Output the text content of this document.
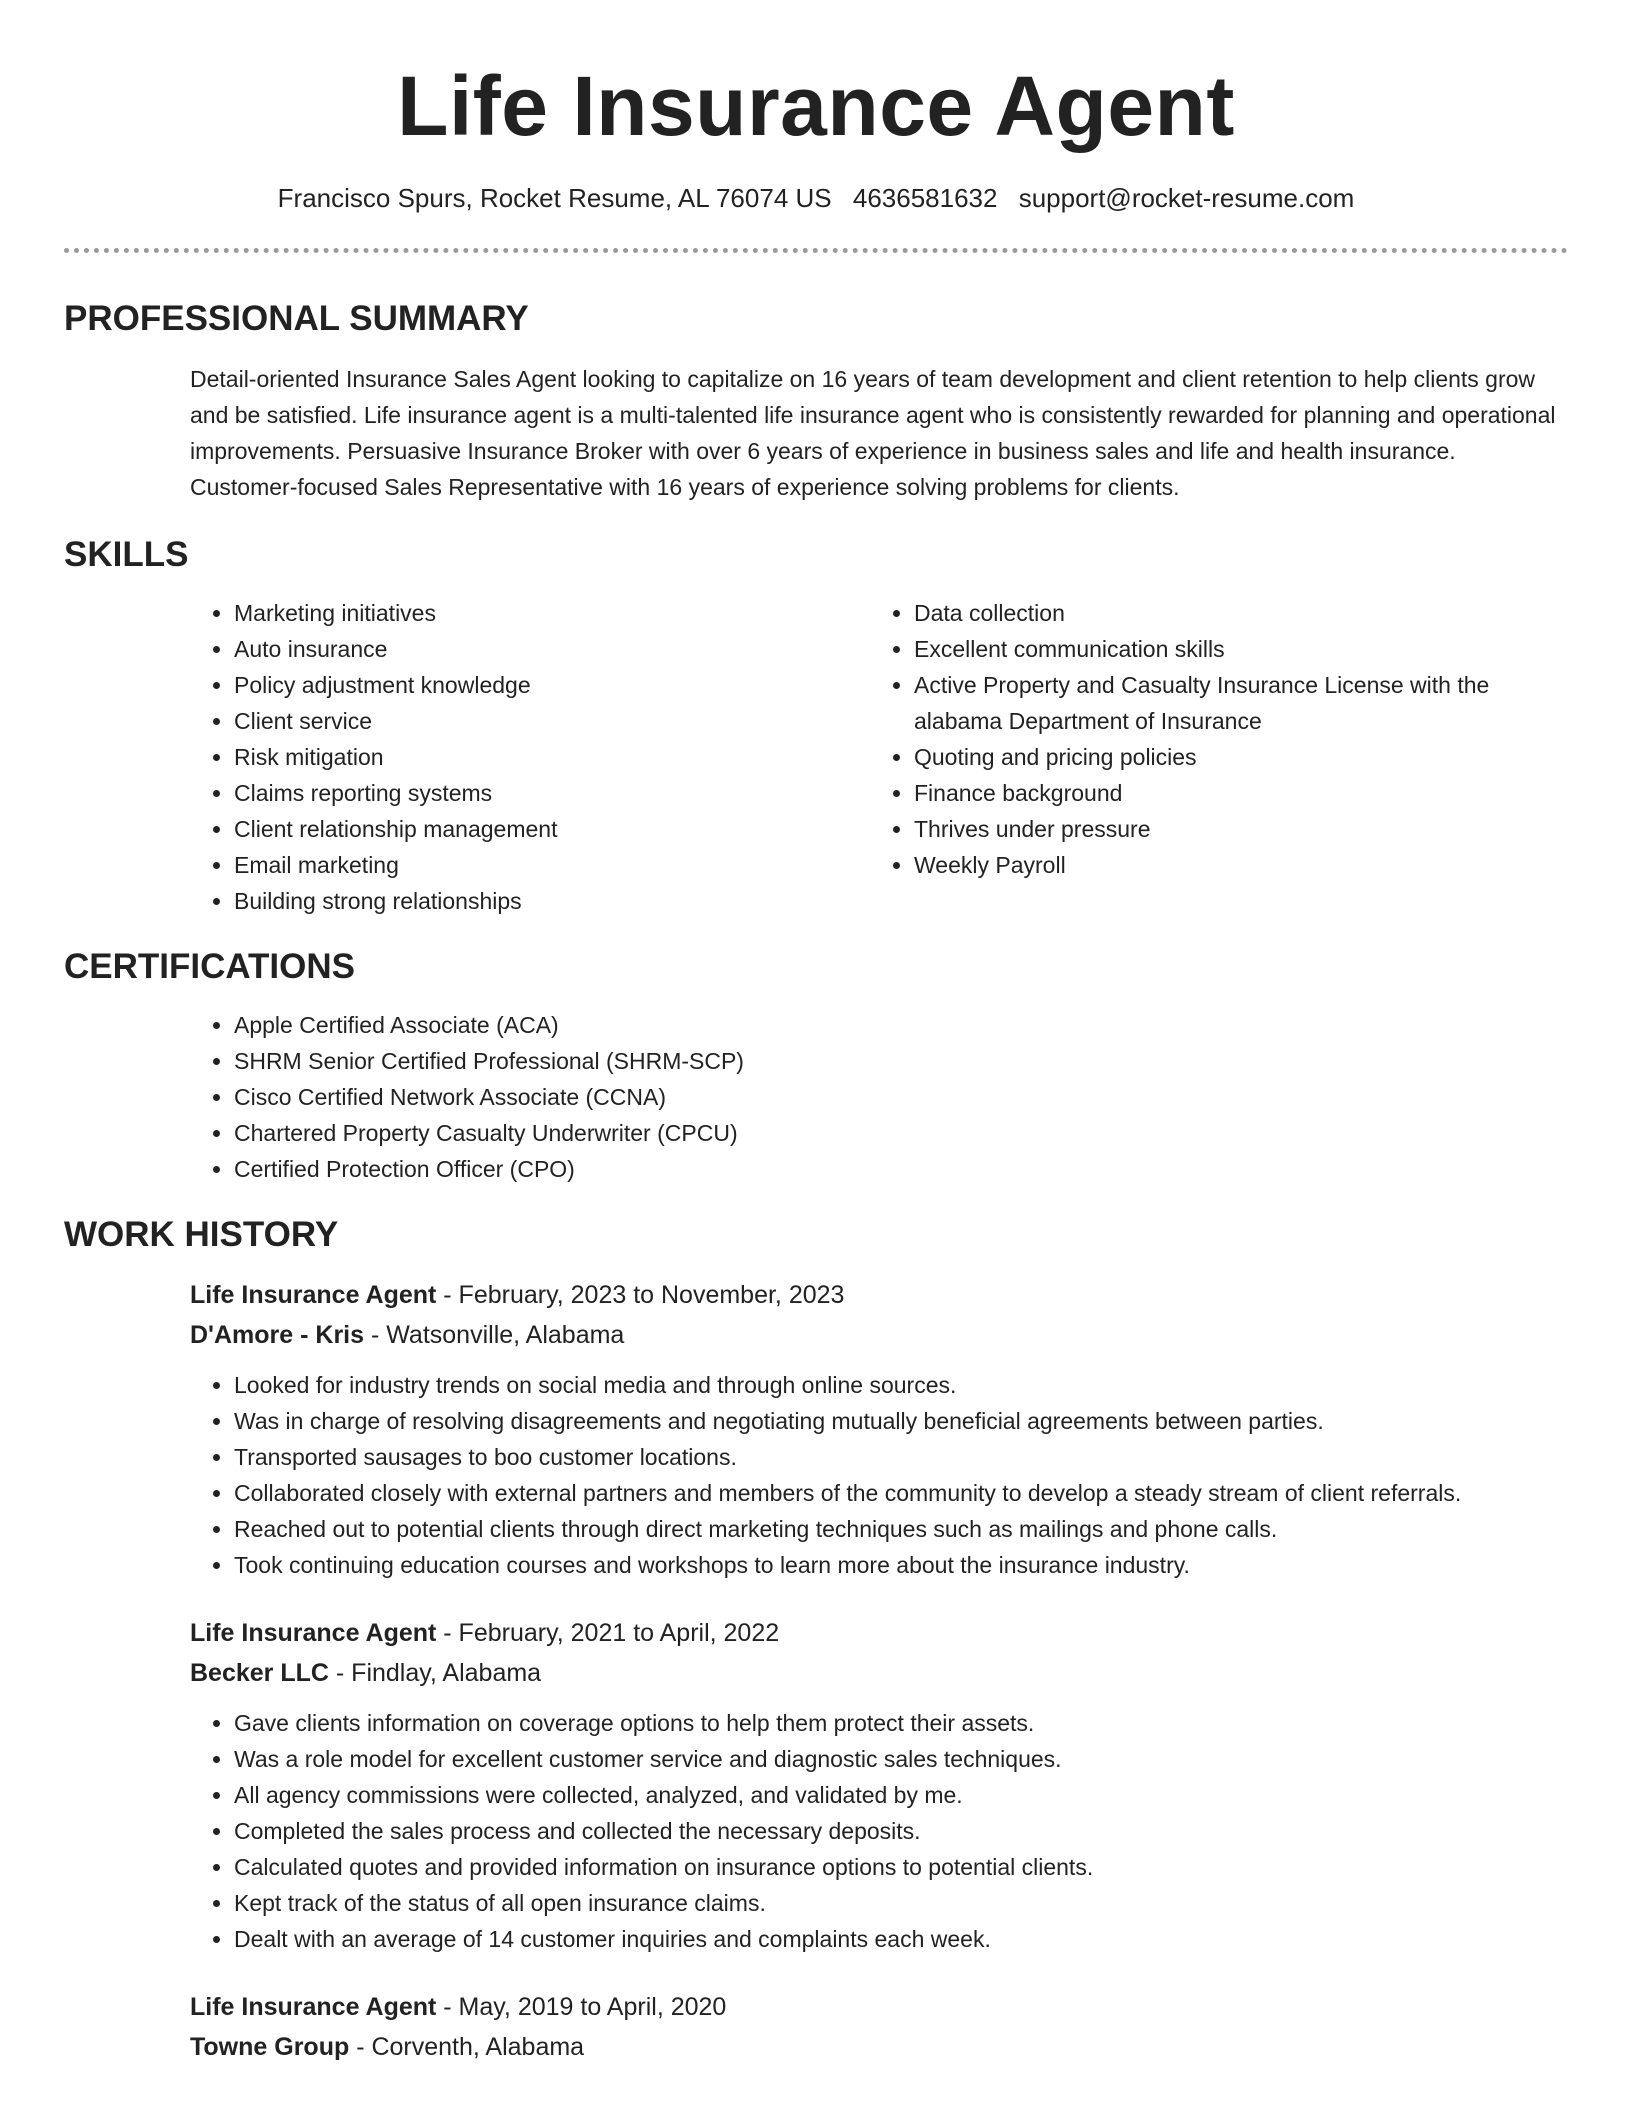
Life Insurance Agent
Francisco Spurs, Rocket Resume, AL 76074 US 4636581632 support@rocket-resume.com
PROFESSIONAL SUMMARY
Detail-oriented Insurance Sales Agent looking to capitalize on 16 years of team development and client retention to help clients grow and be satisfied. Life insurance agent is a multi-talented life insurance agent who is consistently rewarded for planning and operational improvements. Persuasive Insurance Broker with over 6 years of experience in business sales and life and health insurance. Customer-focused Sales Representative with 16 years of experience solving problems for clients.
SKILLS
• Marketing initiatives
• Auto insurance
• Policy adjustment knowledge
• Client service
• Risk mitigation
• Claims reporting systems
• Client relationship management
• Email marketing
• Building strong relationships
• Data collection
• Excellent communication skills
• Active Property and Casualty Insurance License with the alabama Department of Insurance
• Quoting and pricing policies
• Finance background
• Thrives under pressure
• Weekly Payroll
CERTIFICATIONS
• Apple Certified Associate (ACA)
• SHRM Senior Certified Professional (SHRM-SCP)
• Cisco Certified Network Associate (CCNA)
• Chartered Property Casualty Underwriter (CPCU)
• Certified Protection Officer (CPO)
WORK HISTORY
Life Insurance Agent - February, 2023 to November, 2023
D'Amore - Kris - Watsonville, Alabama
• Looked for industry trends on social media and through online sources.
• Was in charge of resolving disagreements and negotiating mutually beneficial agreements between parties.
• Transported sausages to boo customer locations.
• Collaborated closely with external partners and members of the community to develop a steady stream of client referrals.
• Reached out to potential clients through direct marketing techniques such as mailings and phone calls.
• Took continuing education courses and workshops to learn more about the insurance industry.
Life Insurance Agent - February, 2021 to April, 2022
Becker LLC - Findlay, Alabama
• Gave clients information on coverage options to help them protect their assets.
• Was a role model for excellent customer service and diagnostic sales techniques.
• All agency commissions were collected, analyzed, and validated by me.
• Completed the sales process and collected the necessary deposits.
• Calculated quotes and provided information on insurance options to potential clients.
• Kept track of the status of all open insurance claims.
• Dealt with an average of 14 customer inquiries and complaints each week.
Life Insurance Agent - May, 2019 to April, 2020
Towne Group - Corventh, Alabama
